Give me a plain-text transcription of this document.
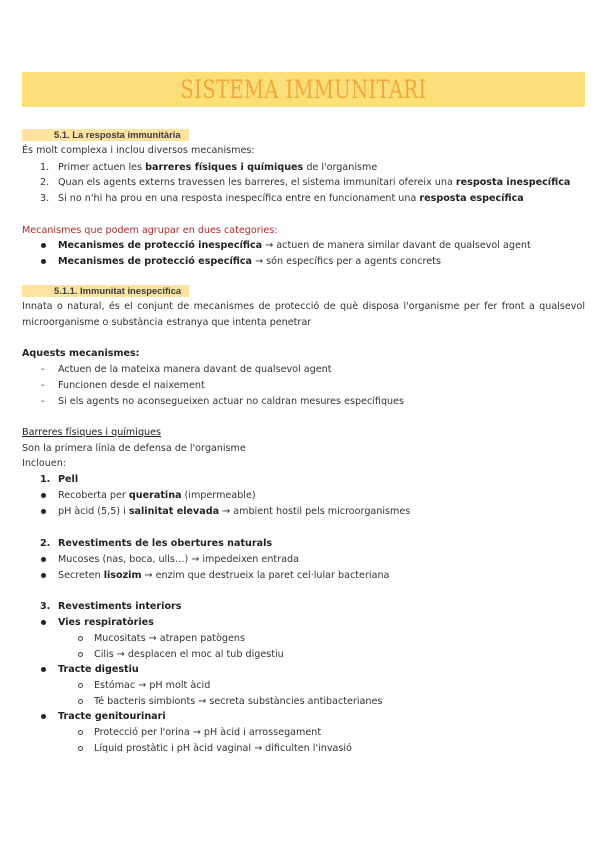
SISTEMA IMMUNITARI
5.1. La resposta immunitària
És molt complexa i inclou diversos mecanismes:
1. Primer actuen les barreres físiques i químiques de l'organisme
2. Quan els agents externs travessen les barreres, el sistema immunitari ofereix una resposta inespecífica
3. Si no n'hi ha prou en una resposta inespecífica entre en funcionament una resposta específica
Mecanismes que podem agrupar en dues categories:
Mecanismes de protecció inespecífica → actuen de manera similar davant de qualsevol agent
Mecanismes de protecció específica → són específics per a agents concrets
5.1.1. Immunitat inespecífica
Innata o natural, és el conjunt de mecanismes de protecció de què disposa l'organisme per fer front a qualsevol microorganisme o substància estranya que intenta penetrar
Aquests mecanismes:
- Actuen de la mateixa manera davant de qualsevol agent
- Funcionen desde el naixement
- Si els agents no aconsegueixen actuar no caldran mesures específiques
Barreres físiques i químiques
Son la primera línia de defensa de l'organisme
Inclouen:
1. Pell
Recoberta per queratina (impermeable)
pH àcid (5,5) i salinitat elevada → ambient hostil pels microorganismes
2. Revestiments de les obertures naturals
Mucoses (nas, boca, ulls…) → impedeixen entrada
Secreten lisozim → enzim que destrueix la paret cel·lular bacteriana
3. Revestiments interiors
Vies respiratòries
Mucositats → atrapen patògens
Cilis → desplacen el moc al tub digestiu
Tracte digestiu
Estómac → pH molt àcid
Té bacteris simbionts → secreta substàncies antibacterianes
Tracte genitourinari
Protecció per l'orina → pH àcid i arrossegament
Líquid prostàtic i pH àcid vaginal → dificulten l'invasió
